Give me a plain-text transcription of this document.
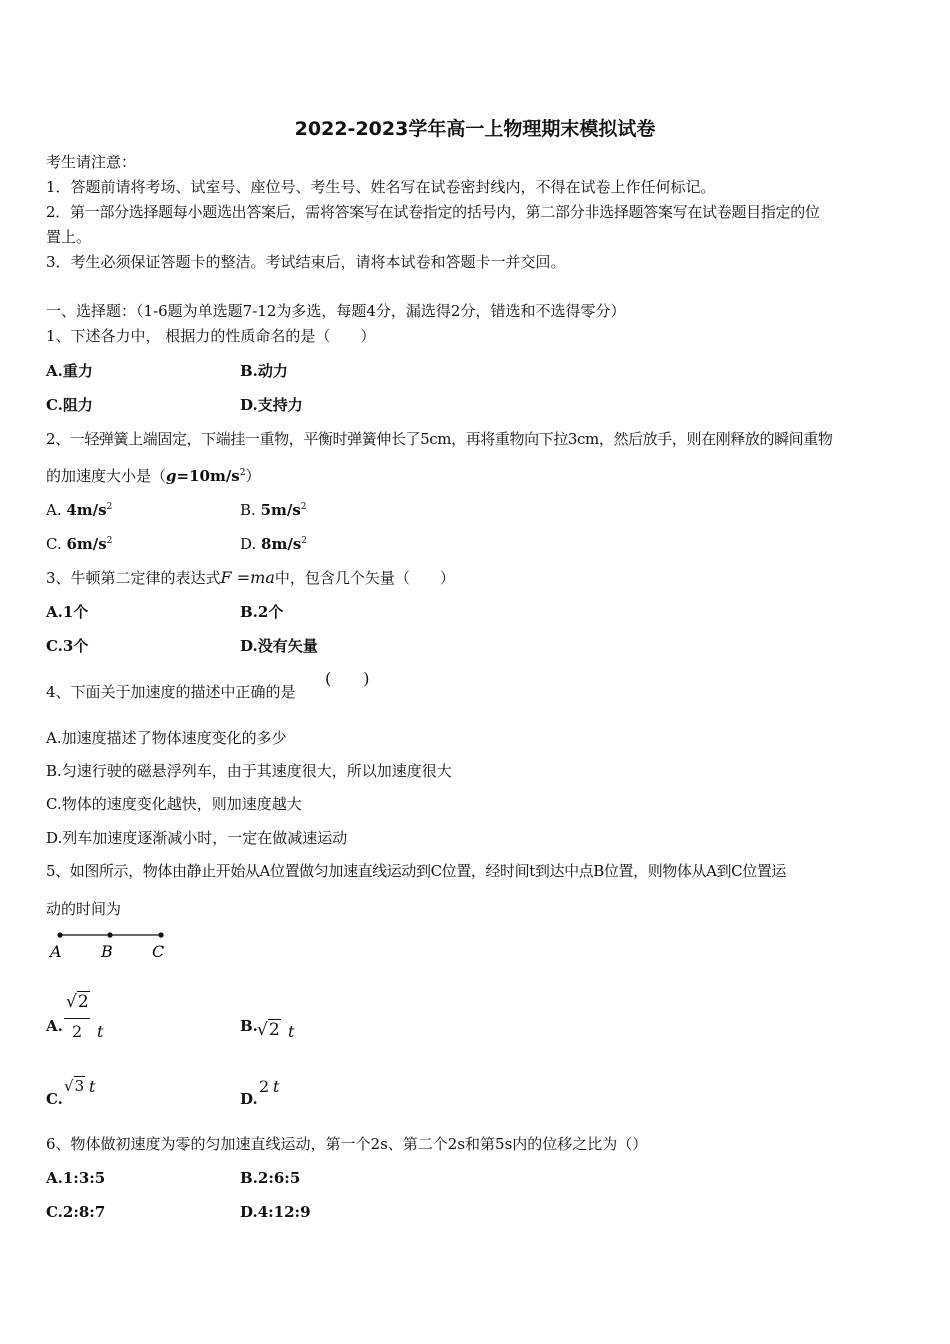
2022-2023学年高一上物理期末模拟试卷
考生请注意：
1．答题前请将考场、试室号、座位号、考生号、姓名写在试卷密封线内，不得在试卷上作任何标记。
2．第一部分选择题每小题选出答案后，需将答案写在试卷指定的括号内，第二部分非选择题答案写在试卷题目指定的位
置上。
3．考生必须保证答题卡的整洁。考试结束后，请将本试卷和答题卡一并交回。
一、选择题：（1-6题为单选题7-12为多选，每题4分，漏选得2分，错选和不选得零分）
1、下述各力中， 根据力的性质命名的是（　　）
A.重力	B.动力
C.阻力	D.支持力
2、一轻弹簧上端固定，下端挂一重物，平衡时弹簧伸长了5cm，再将重物向下拉3cm，然后放手，则在刚释放的瞬间重物
的加速度大小是$(g=10m/s^2)$
A. $4m/s^2$	B. $5m/s^2$
C. $6m/s^2$	D. $8m/s^2$
3、牛顿第二定律的表达式F =ma中，包含几个矢量（　　）
A.1个	B.2个
C.3个	D.没有矢量
4、下面关于加速度的描述中正确的是
(　　)
A.加速度描述了物体速度变化的多少
B.匀速行驶的磁悬浮列车，由于其速度很大，所以加速度很大
C.物体的速度变化越快，则加速度越大
D.列车加速度逐渐减小时，一定在做减速运动
5、如图所示，物体由静止开始从A位置做匀加速直线运动到C位置，经时间t到达中点B位置，则物体从A到C位置运
动的时间为
A B C
A.
√2
2 t	B. √2 t
C.
√3 t
D.
2 t
6、物体做初速度为零的匀加速直线运动，第一个2s、第二个2s和第5s内的位移之比为（）
A.1:3:5	B.2:6:5
C.2:8:7	D.4:12:9
